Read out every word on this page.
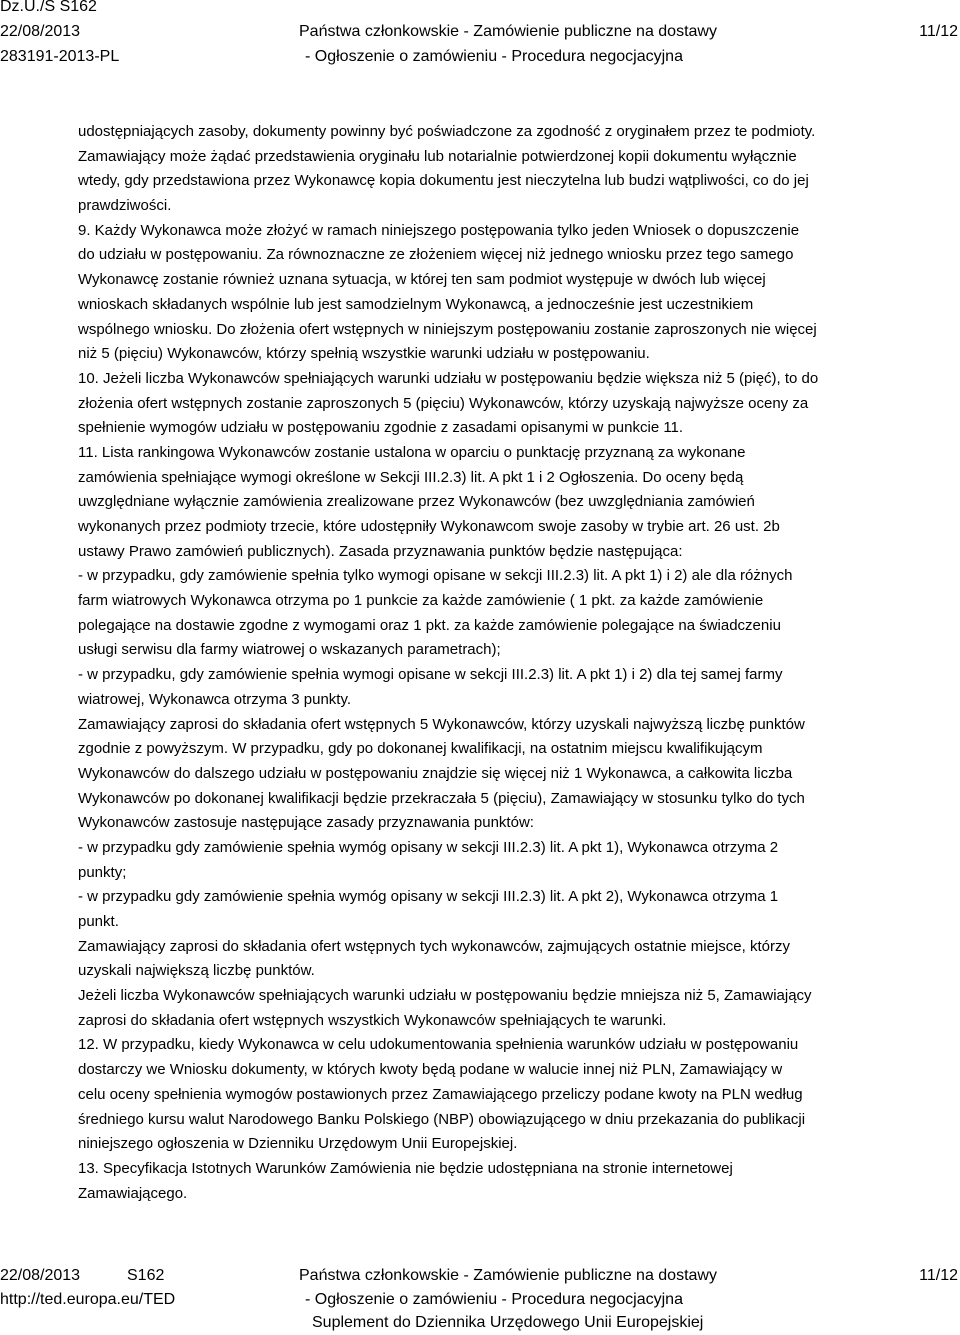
Dz.U./S S162
22/08/2013
283191-2013-PL
Państwa członkowskie - Zamówienie publiczne na dostawy
- Ogłoszenie o zamówieniu - Procedura negocjacyjna
11/12

udostępniających zasoby, dokumenty powinny być poświadczone za zgodność z oryginałem przez te podmioty.

Zamawiający może żądać przedstawienia oryginału lub notarialnie potwierdzonej kopii dokumentu wyłącznie

wtedy, gdy przedstawiona przez Wykonawcę kopia dokumentu jest nieczytelna lub budzi wątpliwości, co do jej

prawdziwości.

9. Każdy Wykonawca może złożyć w ramach niniejszego postępowania tylko jeden Wniosek o dopuszczenie

do udziału w postępowaniu. Za równoznaczne ze złożeniem więcej niż jednego wniosku przez tego samego

Wykonawcę zostanie również uznana sytuacja, w której ten sam podmiot występuje w dwóch lub więcej

wnioskach składanych wspólnie lub jest samodzielnym Wykonawcą, a jednocześnie jest uczestnikiem

wspólnego wniosku. Do złożenia ofert wstępnych w niniejszym postępowaniu zostanie zaproszonych nie więcej

niż 5 (pięciu) Wykonawców, którzy spełnią wszystkie warunki udziału w postępowaniu.

10. Jeżeli liczba Wykonawców spełniających warunki udziału w postępowaniu będzie większa niż 5 (pięć), to do

złożenia ofert wstępnych zostanie zaproszonych 5 (pięciu) Wykonawców, którzy uzyskają najwyższe oceny za

spełnienie wymogów udziału w postępowaniu zgodnie z zasadami opisanymi w punkcie 11.

11. Lista rankingowa Wykonawców zostanie ustalona w oparciu o punktację przyznaną za wykonane

zamówienia spełniające wymogi określone w Sekcji III.2.3) lit. A pkt 1 i 2 Ogłoszenia. Do oceny będą

uwzględniane wyłącznie zamówienia zrealizowane przez Wykonawców (bez uwzględniania zamówień

wykonanych przez podmioty trzecie, które udostępniły Wykonawcom swoje zasoby w trybie art. 26 ust. 2b

ustawy Prawo zamówień publicznych). Zasada przyznawania punktów będzie następująca:

- w przypadku, gdy zamówienie spełnia tylko wymogi opisane w sekcji III.2.3) lit. A pkt 1) i 2) ale dla różnych

farm wiatrowych Wykonawca otrzyma po 1 punkcie za każde zamówienie ( 1 pkt. za każde zamówienie

polegające na dostawie zgodne z wymogami oraz 1 pkt. za każde zamówienie polegające na świadczeniu

usługi serwisu dla farmy wiatrowej o wskazanych parametrach);

- w przypadku, gdy zamówienie spełnia wymogi opisane w sekcji III.2.3) lit. A pkt 1) i 2) dla tej samej farmy

wiatrowej, Wykonawca otrzyma 3 punkty.

Zamawiający zaprosi do składania ofert wstępnych 5 Wykonawców, którzy uzyskali najwyższą liczbę punktów

zgodnie z powyższym. W przypadku, gdy po dokonanej kwalifikacji, na ostatnim miejscu kwalifikującym

Wykonawców do dalszego udziału w postępowaniu znajdzie się więcej niż 1 Wykonawca, a całkowita liczba

Wykonawców po dokonanej kwalifikacji będzie przekraczała 5 (pięciu), Zamawiający w stosunku tylko do tych

Wykonawców zastosuje następujące zasady przyznawania punktów:

- w przypadku gdy zamówienie spełnia wymóg opisany w sekcji III.2.3) lit. A pkt 1), Wykonawca otrzyma 2

punkty;

- w przypadku gdy zamówienie spełnia wymóg opisany w sekcji III.2.3) lit. A pkt 2), Wykonawca otrzyma 1

punkt.

Zamawiający zaprosi do składania ofert wstępnych tych wykonawców, zajmujących ostatnie miejsce, którzy

uzyskali największą liczbę punktów.

Jeżeli liczba Wykonawców spełniających warunki udziału w postępowaniu będzie mniejsza niż 5, Zamawiający

zaprosi do składania ofert wstępnych wszystkich Wykonawców spełniających te warunki.

12. W przypadku, kiedy Wykonawca w celu udokumentowania spełnienia warunków udziału w postępowaniu

dostarczy we Wniosku dokumenty, w których kwoty będą podane w walucie innej niż PLN, Zamawiający w

celu oceny spełnienia wymogów postawionych przez Zamawiającego przeliczy podane kwoty na PLN według

średniego kursu walut Narodowego Banku Polskiego (NBP) obowiązującego w dniu przekazania do publikacji

niniejszego ogłoszenia w Dzienniku Urzędowym Unii Europejskiej.

13. Specyfikacja Istotnych Warunków Zamówienia nie będzie udostępniana na stronie internetowej

Zamawiającego.

22/08/2013	S162
http://ted.europa.eu/TED
Państwa członkowskie - Zamówienie publiczne na dostawy
- Ogłoszenie o zamówieniu - Procedura negocjacyjna
Suplement do Dziennika Urzędowego Unii Europejskiej
11/12
